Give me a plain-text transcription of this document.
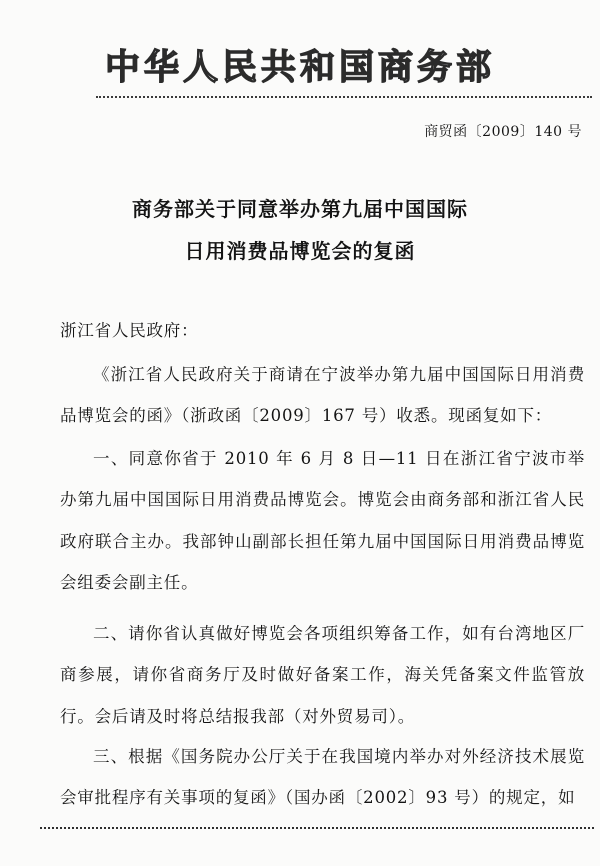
中华人民共和国商务部
商贸函〔2009〕140 号
商务部关于同意举办第九届中国国际
日用消费品博览会的复函
浙江省人民政府：
《浙江省人民政府关于商请在宁波举办第九届中国国际日用消费品博览会的函》（浙政函〔2009〕167 号）收悉。现函复如下：
一、同意你省于 2010 年 6 月 8 日—11 日在浙江省宁波市举办第九届中国国际日用消费品博览会。博览会由商务部和浙江省人民政府联合主办。我部钟山副部长担任第九届中国国际日用消费品博览会组委会副主任。
二、请你省认真做好博览会各项组织筹备工作，如有台湾地区厂商参展，请你省商务厅及时做好备案工作，海关凭备案文件监管放行。会后请及时将总结报我部（对外贸易司）。
三、根据《国务院办公厅关于在我国境内举办对外经济技术展览会审批程序有关事项的复函》（国办函〔2002〕93 号）的规定，如
